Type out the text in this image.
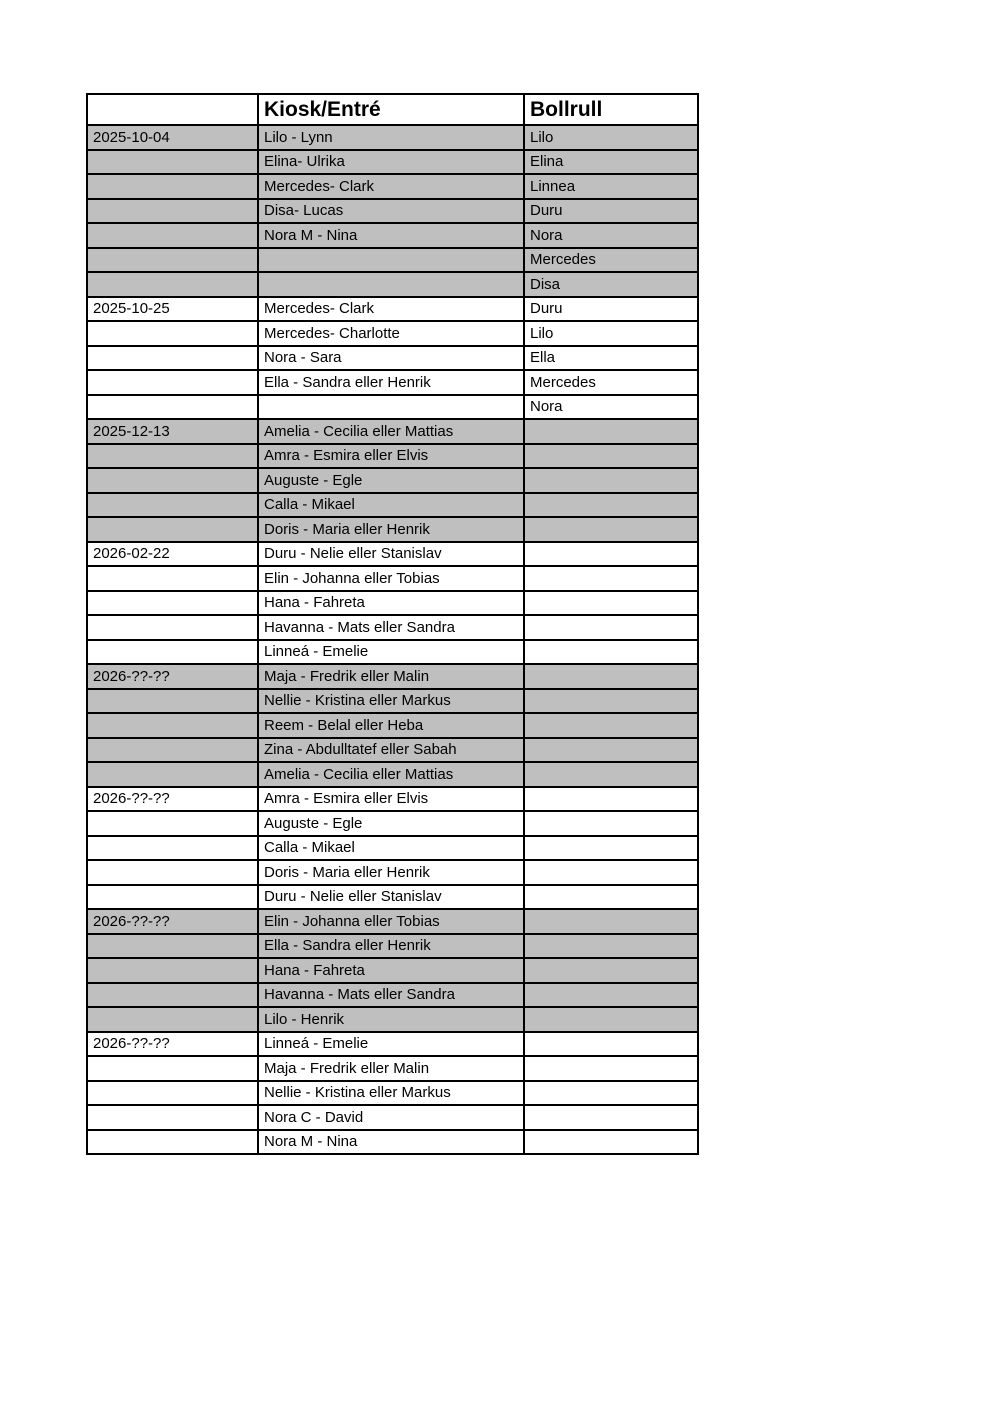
	Kiosk/Entré	Bollrull
2025-10-04	Lilo - Lynn	Lilo
	Elina- Ulrika	Elina
	Mercedes- Clark	Linnea
	Disa- Lucas	Duru
	Nora M - Nina	Nora
		Mercedes
		Disa
2025-10-25	Mercedes- Clark	Duru
	Mercedes- Charlotte	Lilo
	Nora - Sara	Ella
	Ella - Sandra eller Henrik	Mercedes
		Nora
2025-12-13	Amelia - Cecilia eller Mattias	
	Amra - Esmira eller Elvis	
	Auguste - Egle	
	Calla - Mikael	
	Doris - Maria eller Henrik	
2026-02-22	Duru - Nelie eller Stanislav	
	Elin - Johanna eller Tobias	
	Hana - Fahreta	
	Havanna - Mats eller Sandra	
	Linneá - Emelie	
2026-??-??	Maja - Fredrik eller Malin	
	Nellie - Kristina eller Markus	
	Reem - Belal eller Heba	
	Zina - Abdulltatef eller Sabah	
	Amelia - Cecilia eller Mattias	
2026-??-??	Amra - Esmira eller Elvis	
	Auguste - Egle	
	Calla - Mikael	
	Doris - Maria eller Henrik	
	Duru - Nelie eller Stanislav	
2026-??-??	Elin - Johanna eller Tobias	
	Ella - Sandra eller Henrik	
	Hana - Fahreta	
	Havanna - Mats eller Sandra	
	Lilo - Henrik	
2026-??-??	Linneá - Emelie	
	Maja - Fredrik eller Malin	
	Nellie - Kristina eller Markus	
	Nora C - David	
	Nora M - Nina	
